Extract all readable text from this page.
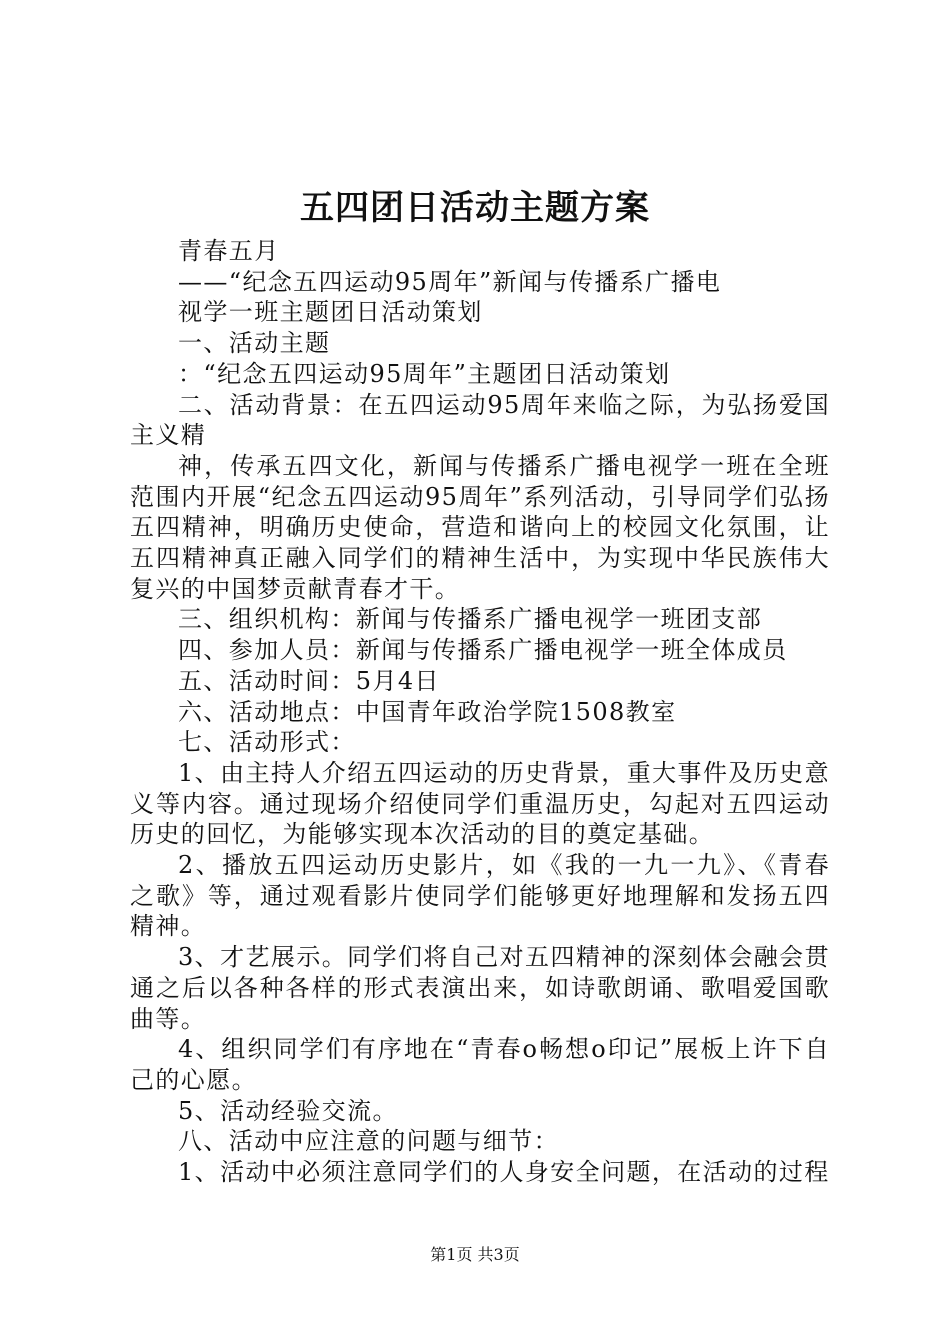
五四团日活动主题方案

青春五月

——“纪念五四运动95周年”新闻与传播系广播电

视学一班主题团日活动策划

一、活动主题

：“纪念五四运动95周年”主题团日活动策划

二、活动背景：在五四运动95周年来临之际，为弘扬爱国主义精

神，传承五四文化，新闻与传播系广播电视学一班在全班范围内开展“纪念五四运动95周年”系列活动，引导同学们弘扬五四精神，明确历史使命，营造和谐向上的校园文化氛围，让五四精神真正融入同学们的精神生活中，为实现中华民族伟大复兴的中国梦贡献青春才干。

三、组织机构：新闻与传播系广播电视学一班团支部

四、参加人员：新闻与传播系广播电视学一班全体成员

五、活动时间：5月4日

六、活动地点：中国青年政治学院1508教室

七、活动形式：

1、由主持人介绍五四运动的历史背景，重大事件及历史意义等内容。通过现场介绍使同学们重温历史，勾起对五四运动历史的回忆，为能够实现本次活动的目的奠定基础。

2、播放五四运动历史影片，如《我的一九一九》、《青春之歌》等，通过观看影片使同学们能够更好地理解和发扬五四精神。

3、才艺展示。同学们将自己对五四精神的深刻体会融会贯通之后以各种各样的形式表演出来，如诗歌朗诵、歌唱爱国歌曲等。

4、组织同学们有序地在“青春o畅想o印记”展板上许下自己的心愿。

5、活动经验交流。

八、活动中应注意的问题与细节：

1、活动中必须注意同学们的人身安全问题，在活动的过程

第1页 共3页
